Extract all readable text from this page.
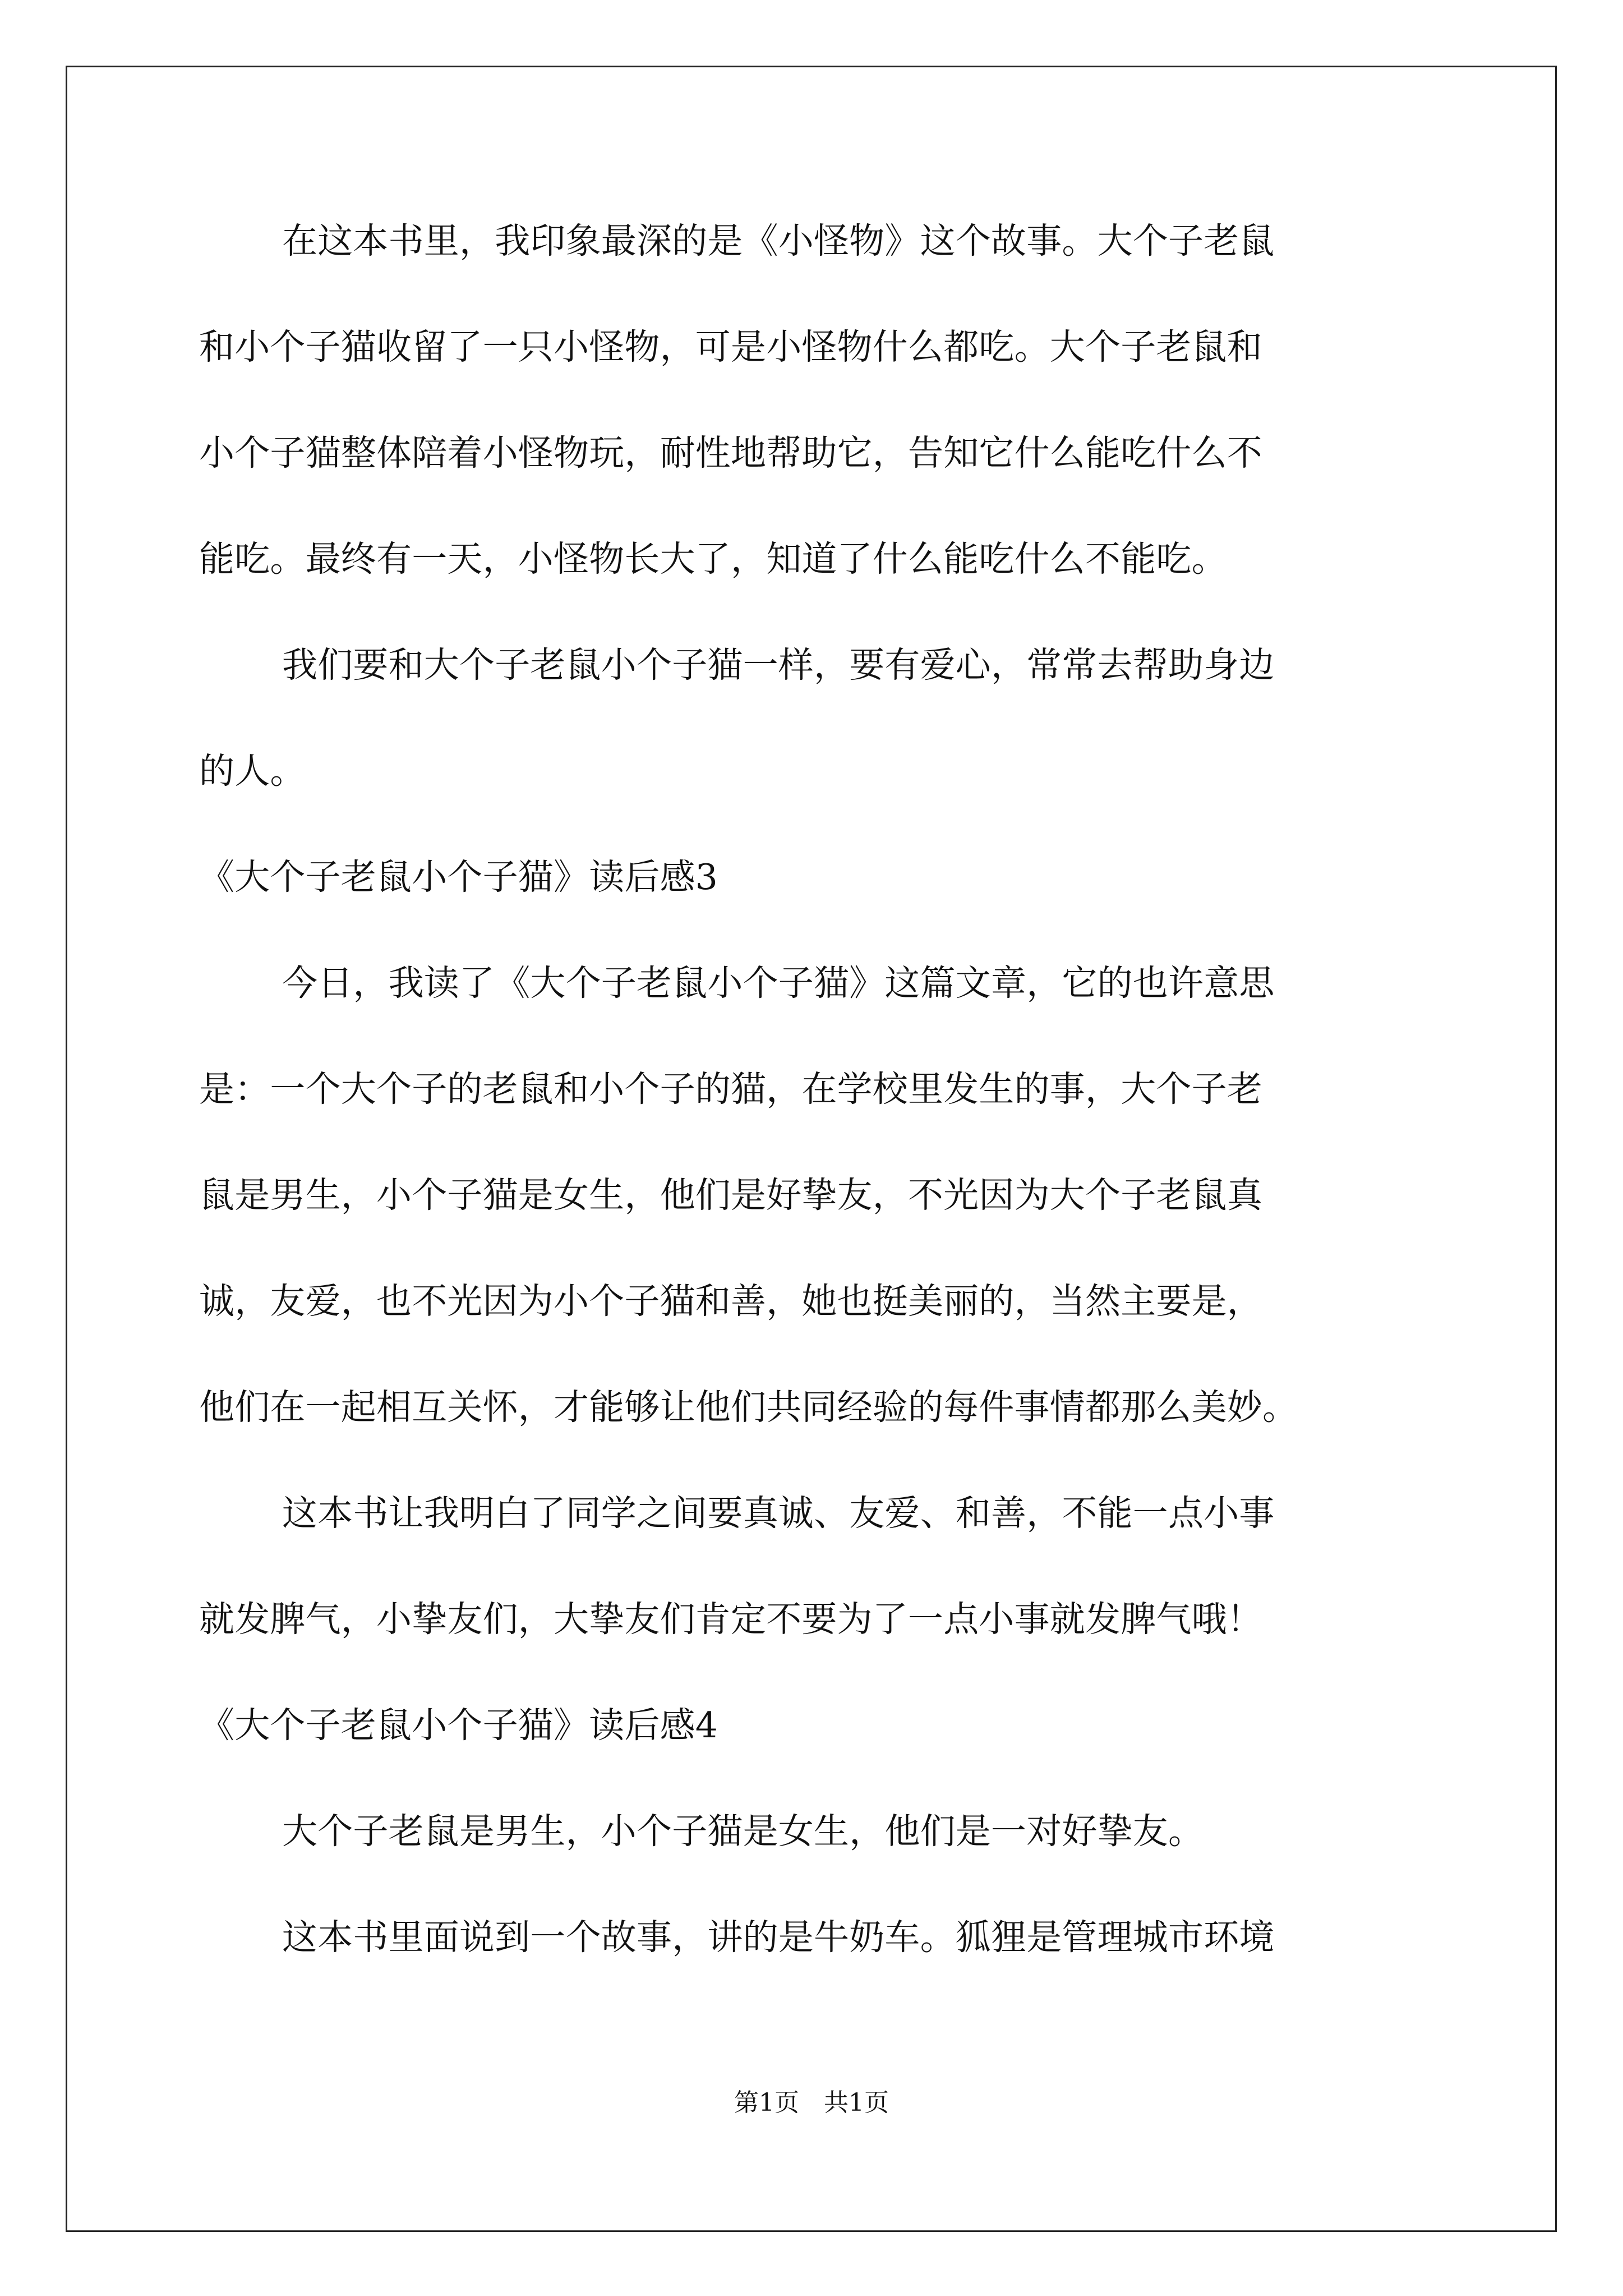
在这本书里，我印象最深的是《小怪物》这个故事。大个子老鼠
和小个子猫收留了一只小怪物，可是小怪物什么都吃。大个子老鼠和
小个子猫整体陪着小怪物玩，耐性地帮助它，告知它什么能吃什么不
能吃。最终有一天，小怪物长大了，知道了什么能吃什么不能吃。
我们要和大个子老鼠小个子猫一样，要有爱心，常常去帮助身边
的人。
《大个子老鼠小个子猫》读后感3
今日，我读了《大个子老鼠小个子猫》这篇文章，它的也许意思
是：一个大个子的老鼠和小个子的猫，在学校里发生的事，大个子老
鼠是男生，小个子猫是女生，他们是好挚友，不光因为大个子老鼠真
诚，友爱，也不光因为小个子猫和善，她也挺美丽的，当然主要是，
他们在一起相互关怀，才能够让他们共同经验的每件事情都那么美妙。
这本书让我明白了同学之间要真诚、友爱、和善，不能一点小事
就发脾气，小挚友们，大挚友们肯定不要为了一点小事就发脾气哦！
《大个子老鼠小个子猫》读后感4
大个子老鼠是男生，小个子猫是女生，他们是一对好挚友。
这本书里面说到一个故事，讲的是牛奶车。狐狸是管理城市环境
第1页　共1页
